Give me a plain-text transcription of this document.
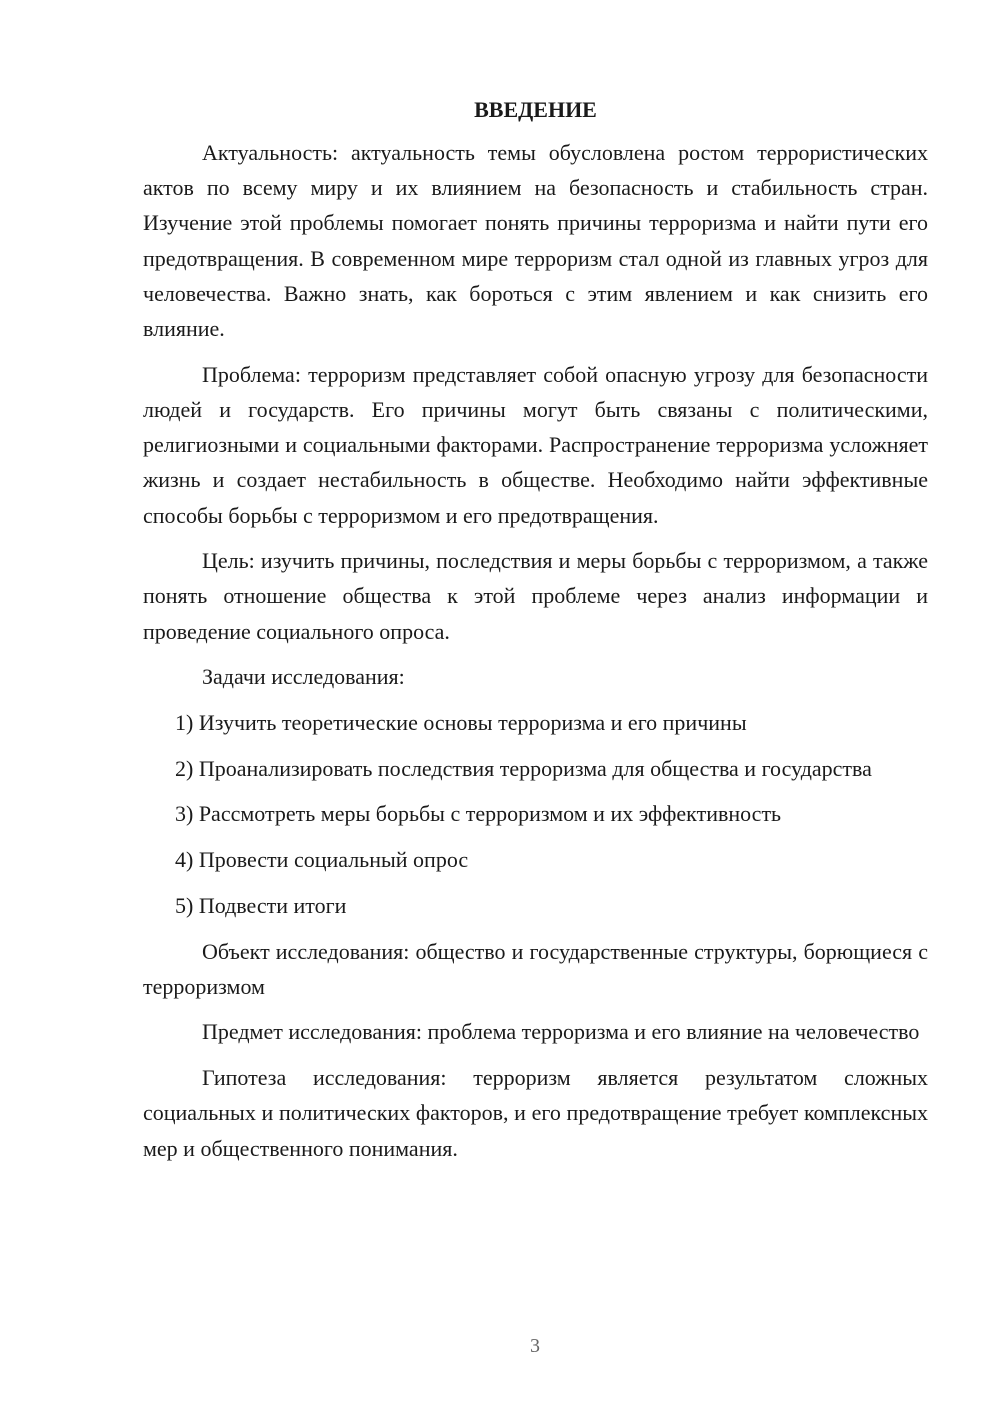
ВВЕДЕНИЕ

Актуальность: актуальность темы обусловлена ростом террористических актов по всему миру и их влиянием на безопасность и стабильность стран. Изучение этой проблемы помогает понять причины терроризма и найти пути его предотвращения. В современном мире терроризм стал одной из главных угроз для человечества. Важно знать, как бороться с этим явлением и как снизить его влияние.

Проблема: терроризм представляет собой опасную угрозу для безопасности людей и государств. Его причины могут быть связаны с политическими, религиозными и социальными факторами. Распространение терроризма усложняет жизнь и создает нестабильность в обществе. Необходимо найти эффективные способы борьбы с терроризмом и его предотвращения.

Цель: изучить причины, последствия и меры борьбы с терроризмом, а также понять отношение общества к этой проблеме через анализ информации и проведение социального опроса.

Задачи исследования:

1) Изучить теоретические основы терроризма и его причины

2) Проанализировать последствия терроризма для общества и государства

3) Рассмотреть меры борьбы с терроризмом и их эффективность

4) Провести социальный опрос

5) Подвести итоги

Объект исследования: общество и государственные структуры, борющиеся с терроризмом

Предмет исследования: проблема терроризма и его влияние на человечество

Гипотеза исследования: терроризм является результатом сложных социальных и политических факторов, и его предотвращение требует комплексных мер и общественного понимания.

3
